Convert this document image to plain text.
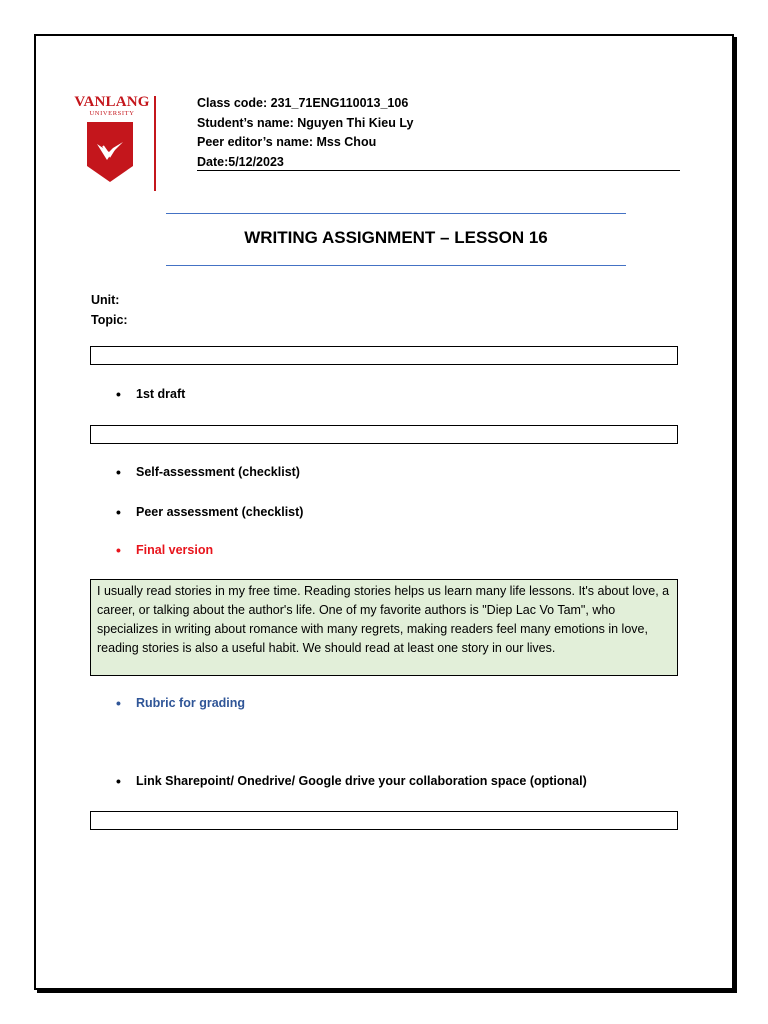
VANLANG
UNIVERSITY
Class code: 231_71ENG110013_106
Student’s name: Nguyen Thi Kieu Ly
Peer editor’s name: Mss Chou
Date:5/12/2023
WRITING ASSIGNMENT – LESSON 16
Unit:
Topic:
•	1st draft
•	Self-assessment (checklist)
•	Peer assessment (checklist)
•	Final version
I usually read stories in my free time. Reading stories helps us learn many life lessons. It's about love, a career, or talking about the author's life. One of my favorite authors is "Diep Lac Vo Tam", who specializes in writing about romance with many regrets, making readers feel many emotions in love, reading stories is also a useful habit. We should read at least one story in our lives.
•	Rubric for grading
•	Link Sharepoint/ Onedrive/ Google drive your collaboration space (optional)
